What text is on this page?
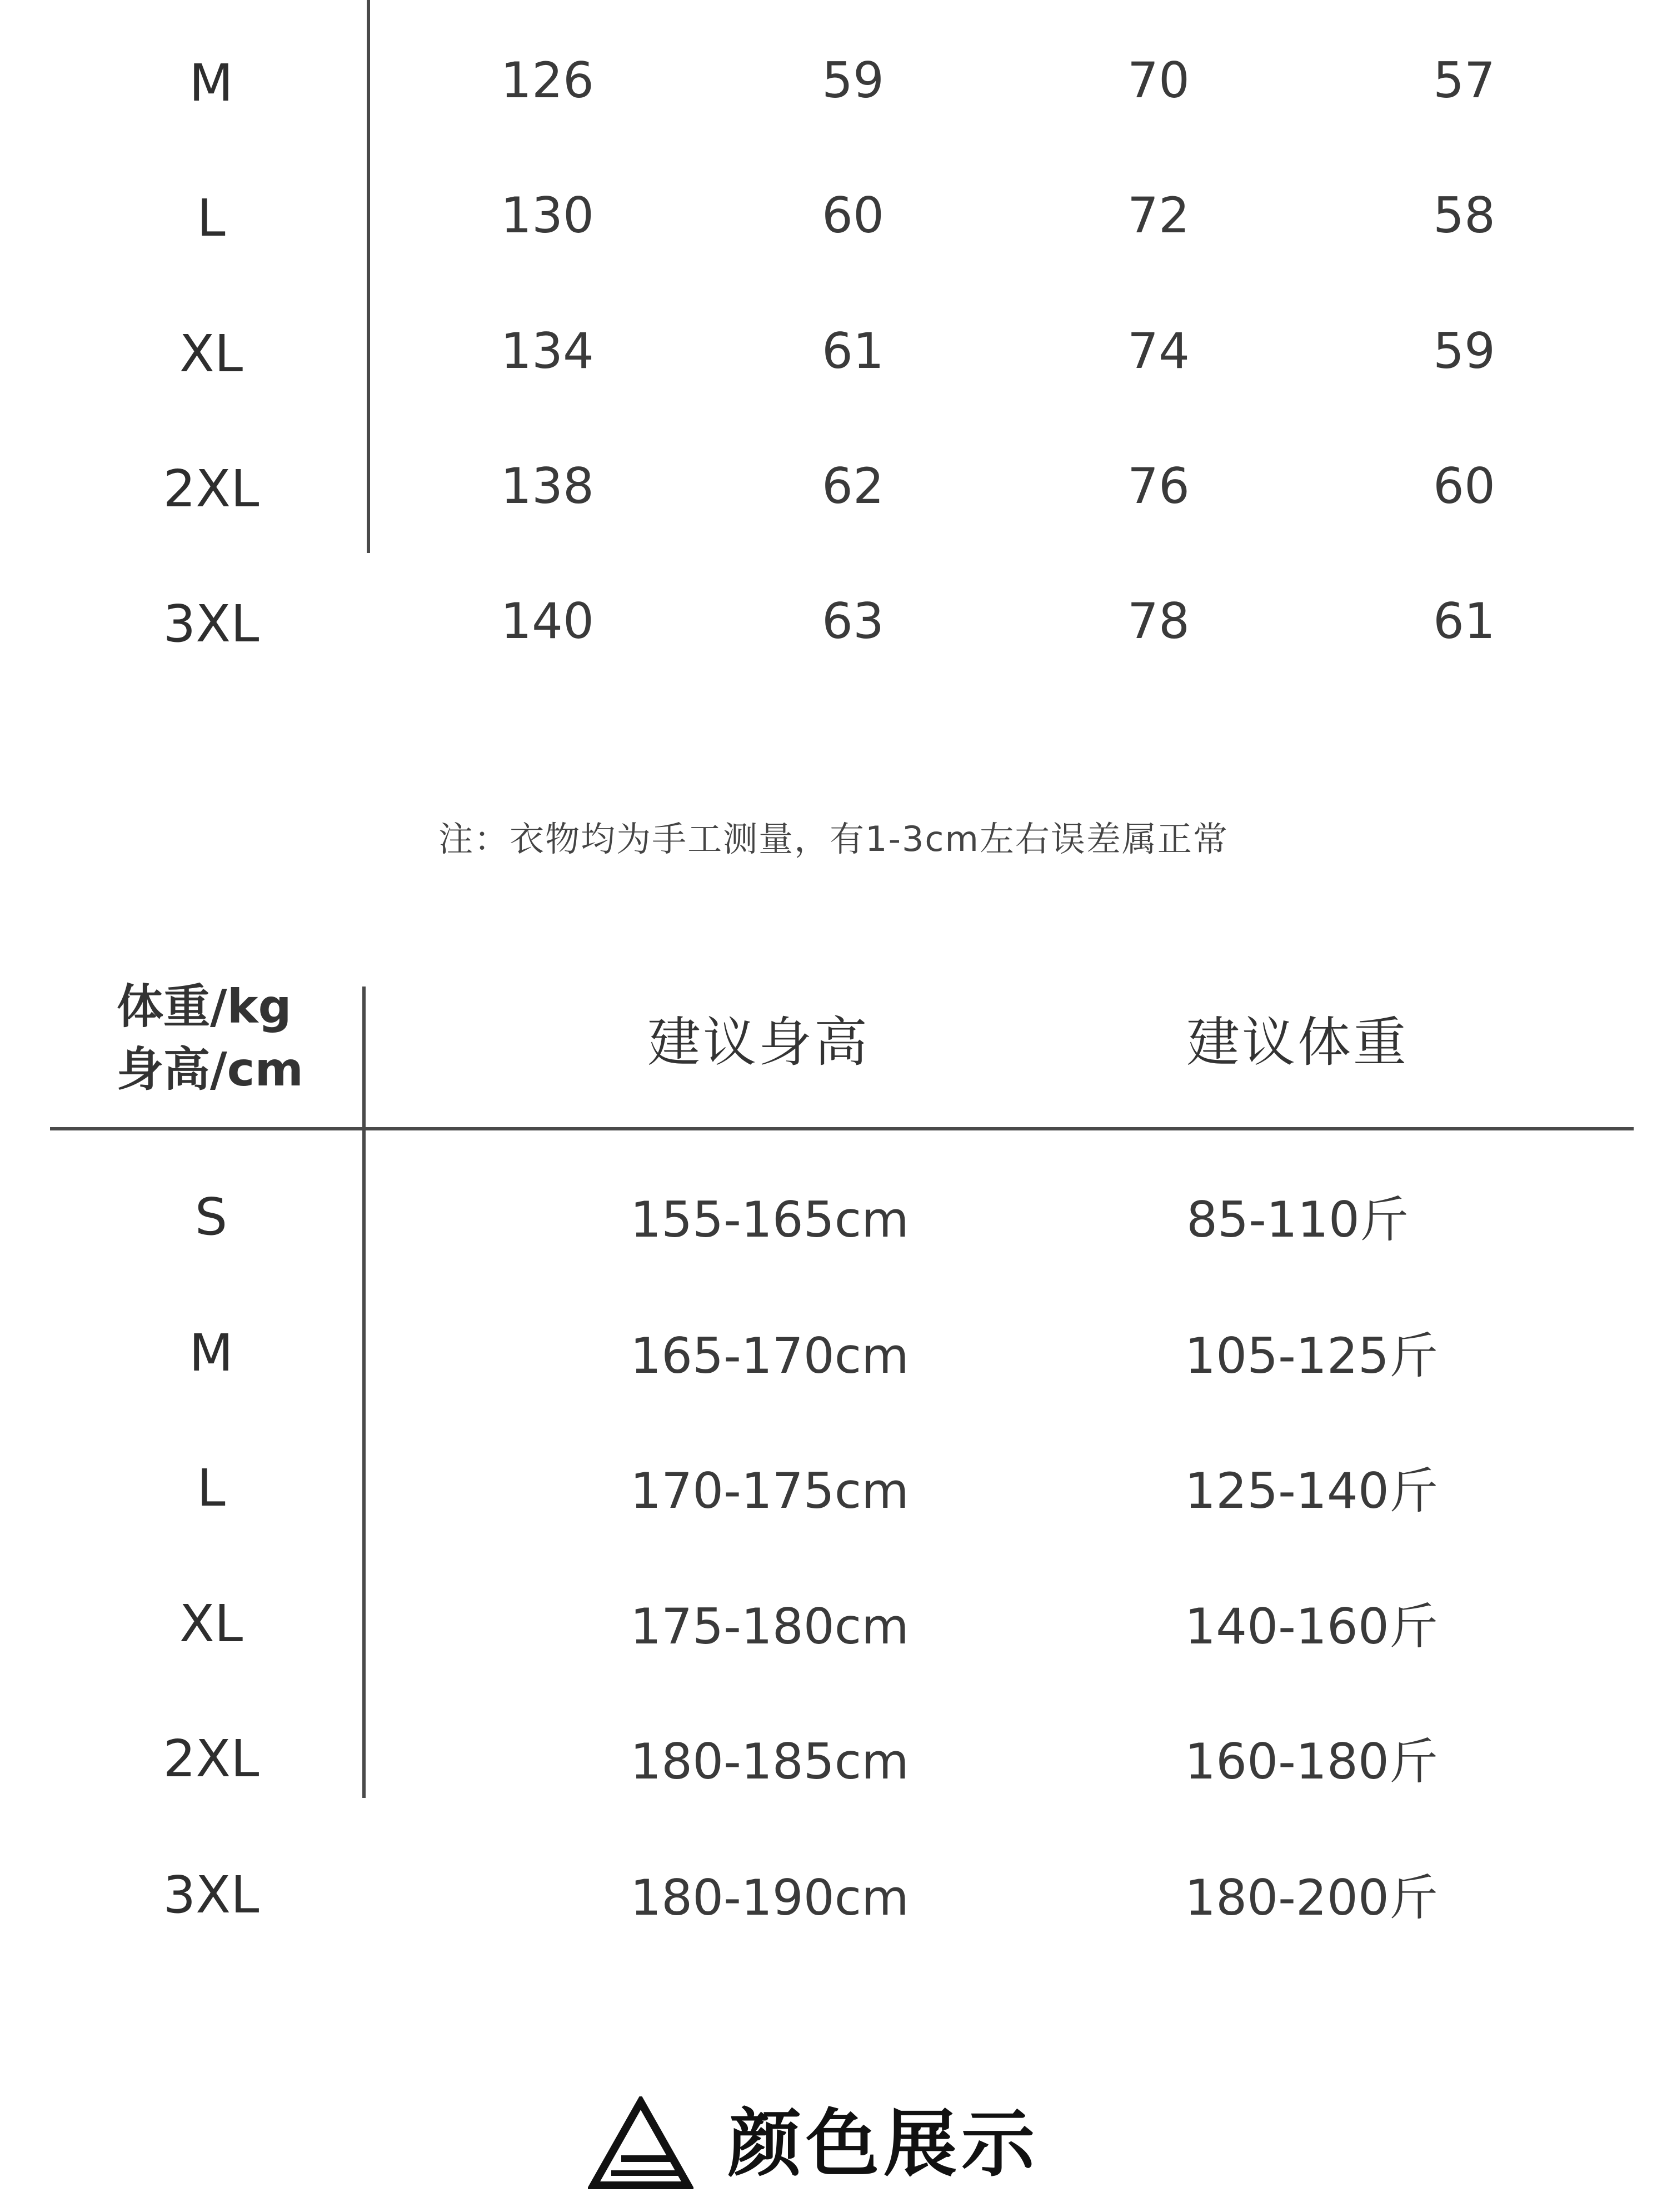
M	126	59	70	57
L	130	60	72	58
XL	134	61	74	59
2XL	138	62	76	60
3XL	140	63	78	61
注：衣物均为手工测量，有1-3cm左右误差属正常
体重/kg
身高/cm	建议身高	建议体重
S	155-165cm	85-110斤
M	165-170cm	105-125斤
L	170-175cm	125-140斤
XL	175-180cm	140-160斤
2XL	180-185cm	160-180斤
3XL	180-190cm	180-200斤
颜色展示
